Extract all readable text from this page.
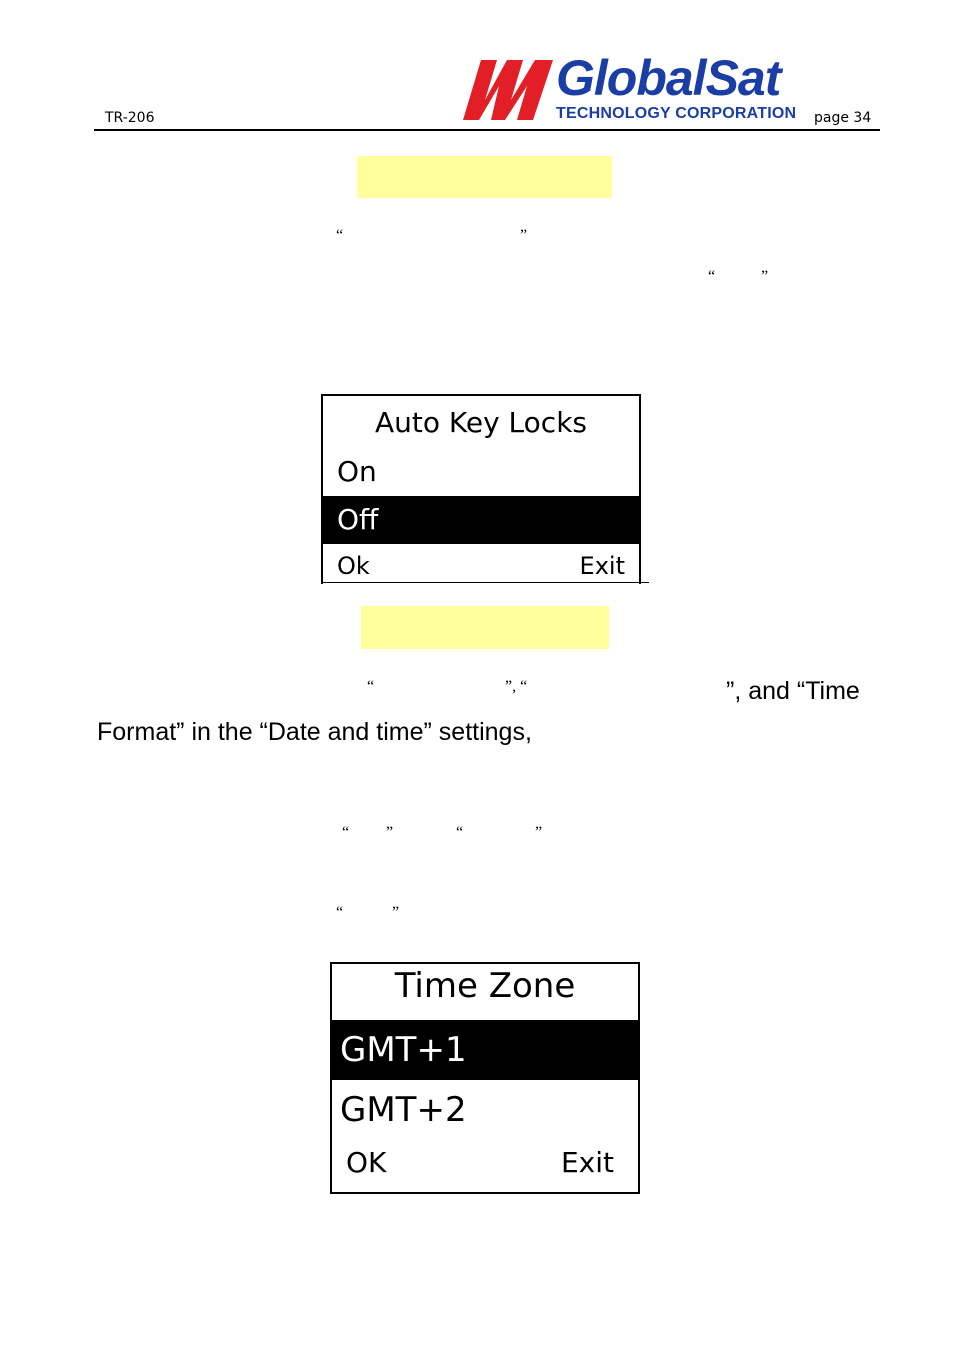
TR-206
GlobalSat
TECHNOLOGY CORPORATION page 34
“	”
“	”
Auto Key Locks
On
Off
Ok	Exit
“	”, “	”, and “Time
Format” in the “Date and time” settings,
“ ”	“	”
“	”
Time Zone
GMT+1
GMT+2
OK	Exit
